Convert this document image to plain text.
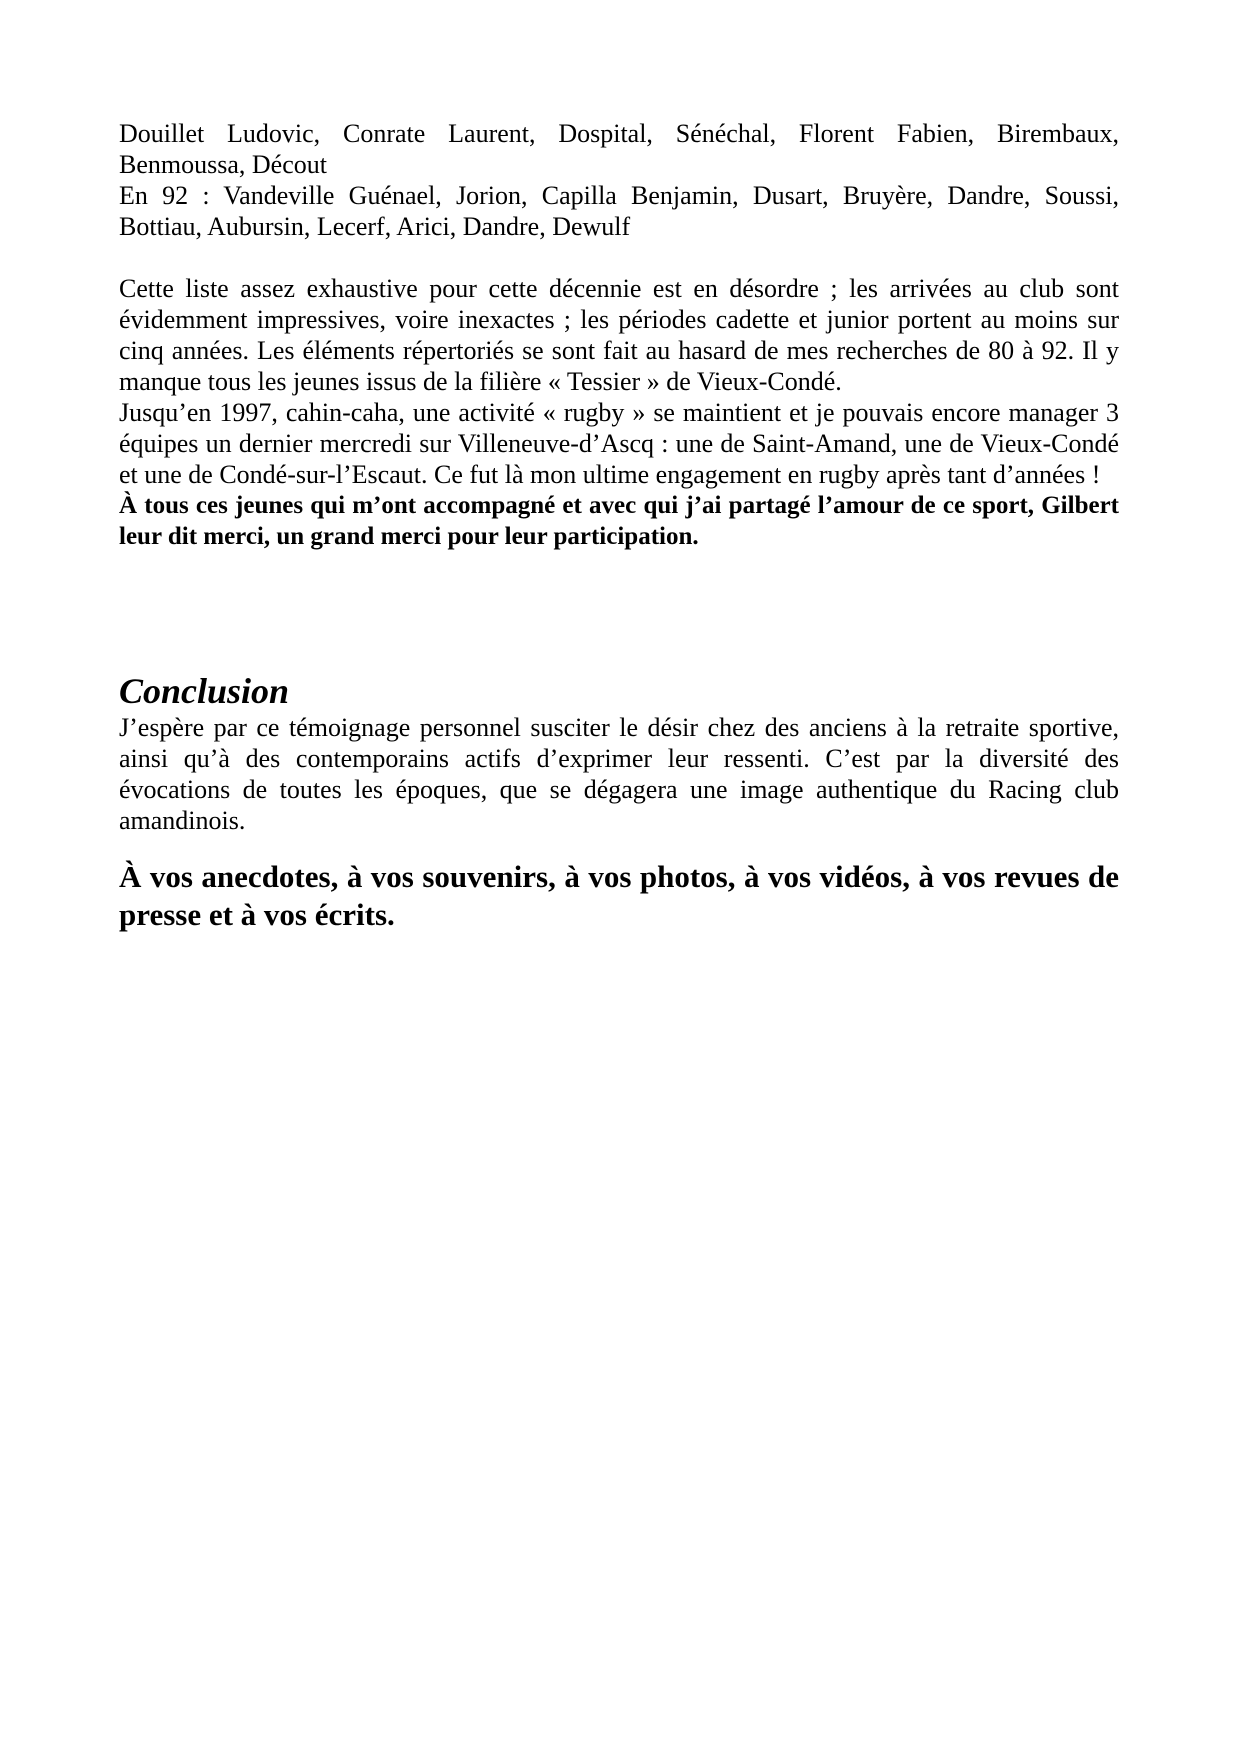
Douillet Ludovic, Conrate Laurent, Dospital, Sénéchal, Florent Fabien, Birembaux, Benmoussa, Décout

En 92 : Vandeville Guénael, Jorion, Capilla Benjamin, Dusart, Bruyère, Dandre, Soussi, Bottiau, Aubursin, Lecerf, Arici, Dandre, Dewulf

Cette liste assez exhaustive pour cette décennie est en désordre ; les arrivées au club sont évidemment impressives, voire inexactes ; les périodes cadette et junior portent au moins sur cinq années. Les éléments répertoriés se sont fait au hasard de mes recherches de 80 à 92. Il y manque tous les jeunes issus de la filière « Tessier » de Vieux-Condé.

Jusqu’en 1997, cahin-caha, une activité « rugby » se maintient et je pouvais encore manager 3 équipes un dernier mercredi sur Villeneuve-d’Ascq : une de Saint-Amand, une de Vieux-Condé et une de Condé-sur-l’Escaut. Ce fut là mon ultime engagement en rugby après tant d’années !

À tous ces jeunes qui m’ont accompagné et avec qui j’ai partagé l’amour de ce sport, Gilbert leur dit merci, un grand merci pour leur participation.

Conclusion

J’espère par ce témoignage personnel susciter le désir chez des anciens à la retraite sportive, ainsi qu’à des contemporains actifs d’exprimer leur ressenti. C’est par la diversité des évocations de toutes les époques, que se dégagera une image authentique du Racing club amandinois.

À vos anecdotes, à vos souvenirs, à vos photos, à vos vidéos, à vos revues de presse et à vos écrits.
